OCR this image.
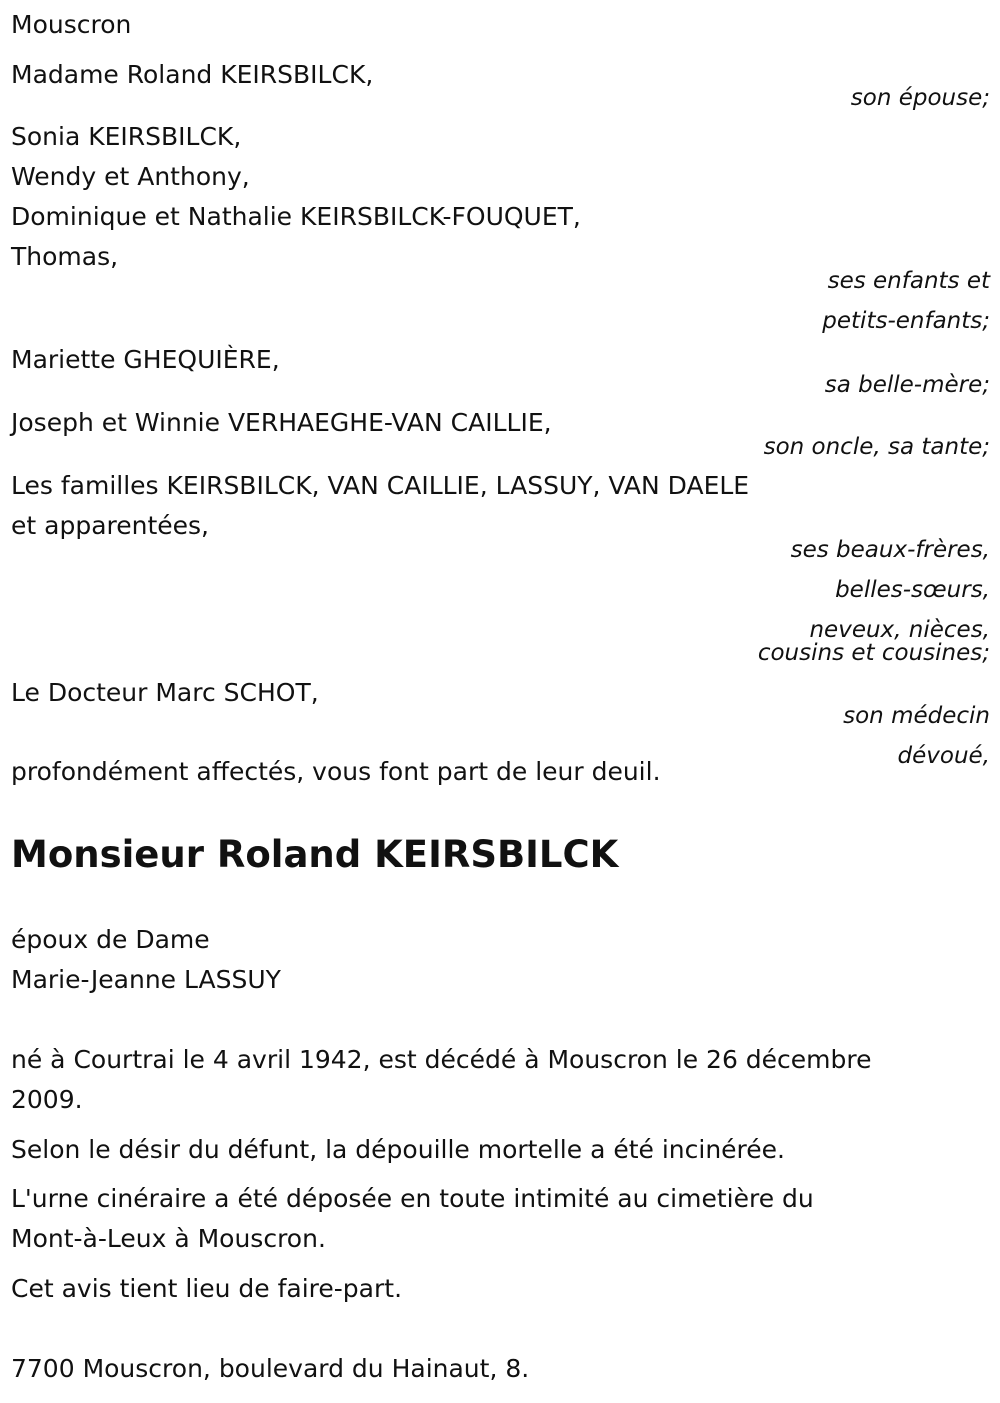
Mouscron
Madame Roland KEIRSBILCK,
son épouse;
Sonia KEIRSBILCK,
Wendy et Anthony,
Dominique et Nathalie KEIRSBILCK-FOUQUET,
Thomas,
ses enfants et
petits-enfants;
Mariette GHEQUIÈRE,
sa belle-mère;
Joseph et Winnie VERHAEGHE-VAN CAILLIE,
son oncle, sa tante;
Les familles KEIRSBILCK, VAN CAILLIE, LASSUY, VAN DAELE
et apparentées,
ses beaux-frères,
belles-sœurs,
neveux, nièces,
cousins et cousines;
Le Docteur Marc SCHOT,
son médecin
dévoué,
profondément affectés, vous font part de leur deuil.
Monsieur Roland KEIRSBILCK
époux de Dame
Marie-Jeanne LASSUY
né à Courtrai le 4 avril 1942, est décédé à Mouscron le 26 décembre
2009.
Selon le désir du défunt, la dépouille mortelle a été incinérée.
L'urne cinéraire a été déposée en toute intimité au cimetière du
Mont-à-Leux à Mouscron.
Cet avis tient lieu de faire-part.
7700 Mouscron, boulevard du Hainaut, 8.
